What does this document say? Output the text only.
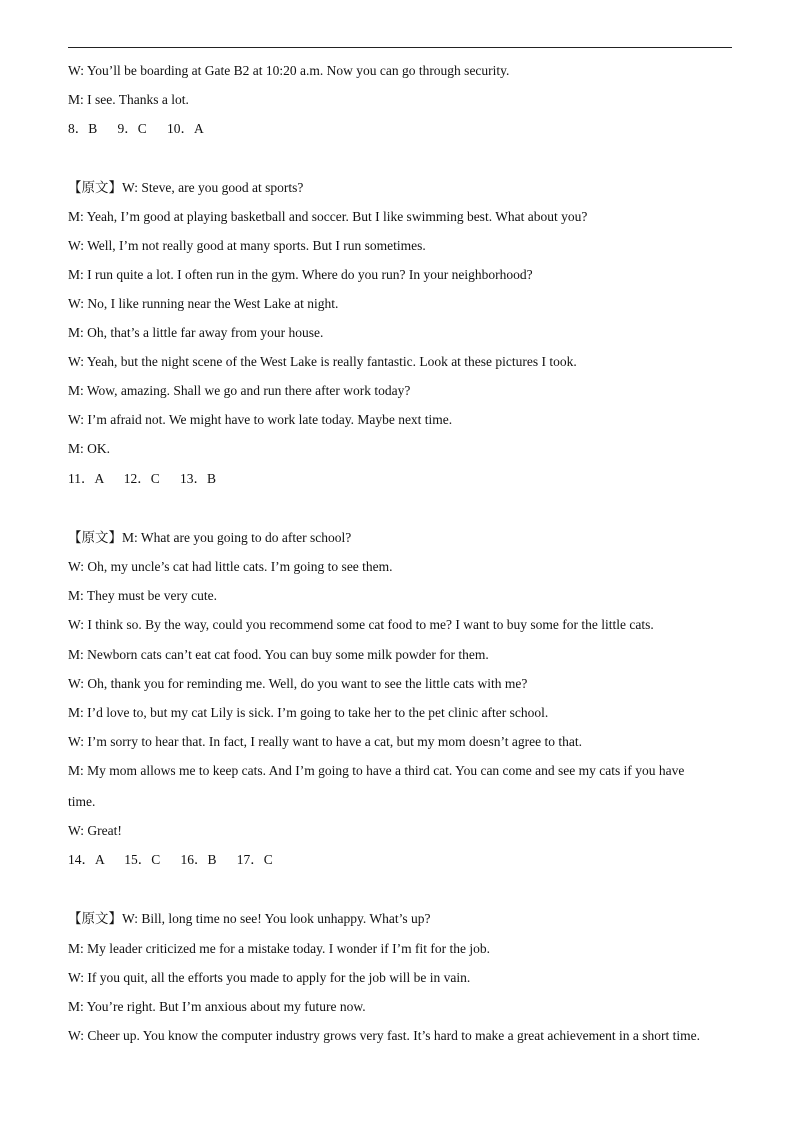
W: You’ll be boarding at Gate B2 at 10:20 a.m. Now you can go through security.
M: I see. Thanks a lot.
8．B      9．C      10．A
【原文】W: Steve, are you good at sports?
M: Yeah, I’m good at playing basketball and soccer. But I like swimming best. What about you?
W: Well, I’m not really good at many sports. But I run sometimes.
M: I run quite a lot. I often run in the gym. Where do you run? In your neighborhood?
W: No, I like running near the West Lake at night.
M: Oh, that’s a little far away from your house.
W: Yeah, but the night scene of the West Lake is really fantastic. Look at these pictures I took.
M: Wow, amazing. Shall we go and run there after work today?
W: I’m afraid not. We might have to work late today. Maybe next time.
M: OK.
11．A      12．C      13．B
【原文】M: What are you going to do after school?
W: Oh, my uncle’s cat had little cats. I’m going to see them.
M: They must be very cute.
W: I think so. By the way, could you recommend some cat food to me? I want to buy some for the little cats.
M: Newborn cats can’t eat cat food. You can buy some milk powder for them.
W: Oh, thank you for reminding me. Well, do you want to see the little cats with me?
M: I’d love to, but my cat Lily is sick. I’m going to take her to the pet clinic after school.
W: I’m sorry to hear that. In fact, I really want to have a cat, but my mom doesn’t agree to that.
M: My mom allows me to keep cats. And I’m going to have a third cat. You can come and see my cats if you have
time.
W: Great!
14．A      15．C      16．B      17．C
【原文】W: Bill, long time no see! You look unhappy. What’s up?
M: My leader criticized me for a mistake today. I wonder if I’m fit for the job.
W: If you quit, all the efforts you made to apply for the job will be in vain.
M: You’re right. But I’m anxious about my future now.
W: Cheer up. You know the computer industry grows very fast. It’s hard to make a great achievement in a short time.
